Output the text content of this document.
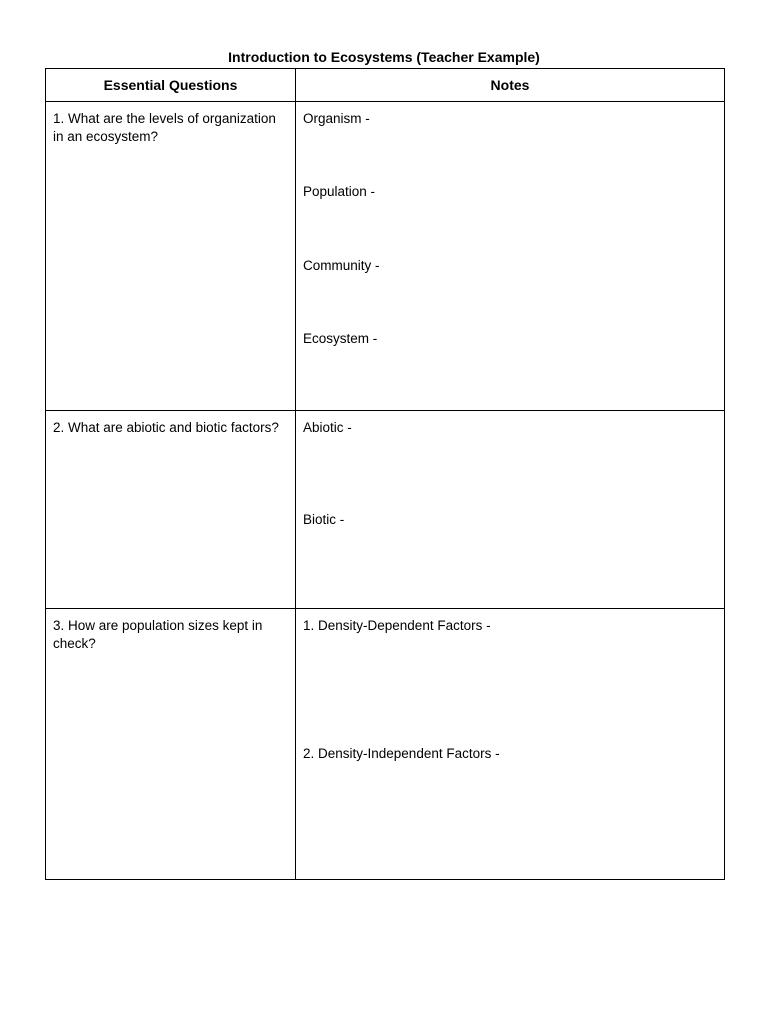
Introduction to Ecosystems (Teacher Example)
Essential Questions	Notes

1. What are the levels of organization in an ecosystem?	Organism -
Population -
Community -
Ecosystem -

2. What are abiotic and biotic factors?	Abiotic -
Biotic -

3. How are population sizes kept in check?	1. Density-Dependent Factors -
2. Density-Independent Factors -
